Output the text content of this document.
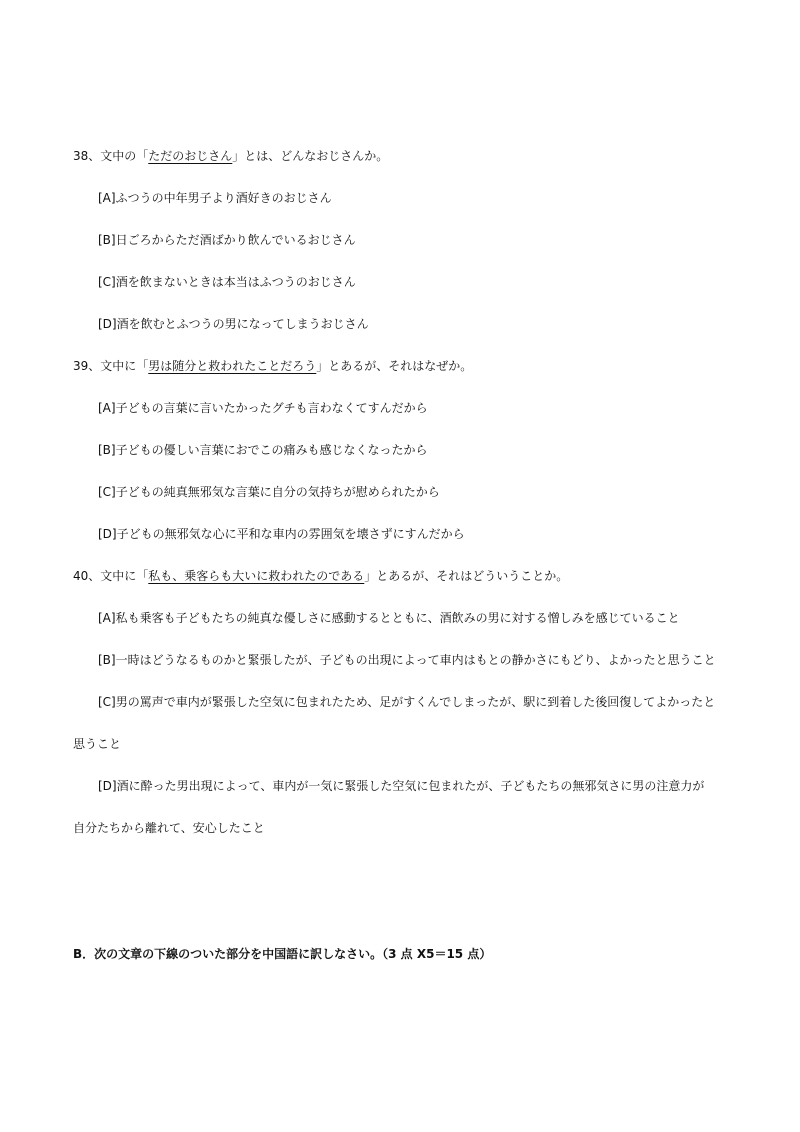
38、文中の「ただのおじさん」とは、どんなおじさんか。
[A]ふつうの中年男子より酒好きのおじさん
[B]日ごろからただ酒ばかり飲んでいるおじさん
[C]酒を飲まないときは本当はふつうのおじさん
[D]酒を飲むとふつうの男になってしまうおじさん
39、文中に「男は随分と救われたことだろう」とあるが、それはなぜか。
[A]子どもの言葉に言いたかったグチも言わなくてすんだから
[B]子どもの優しい言葉におでこの痛みも感じなくなったから
[C]子どもの純真無邪気な言葉に自分の気持ちが慰められたから
[D]子どもの無邪気な心に平和な車内の雰囲気を壊さずにすんだから
40、文中に「私も、乗客らも大いに救われたのである」とあるが、それはどういうことか。
[A]私も乗客も子どもたちの純真な優しさに感動するとともに、酒飲みの男に対する憎しみを感じていること
[B]一時はどうなるものかと緊張したが、子どもの出現によって車内はもとの静かさにもどり、よかったと思うこと
[C]男の罵声で車内が緊張した空気に包まれたため、足がすくんでしまったが、駅に到着した後回復してよかったと
思うこと
[D]酒に酔った男出現によって、車内が一気に緊張した空気に包まれたが、子どもたちの無邪気さに男の注意力が
自分たちから離れて、安心したこと
B．次の文章の下線のついた部分を中国語に訳しなさい。（3 点 X5＝15 点）
